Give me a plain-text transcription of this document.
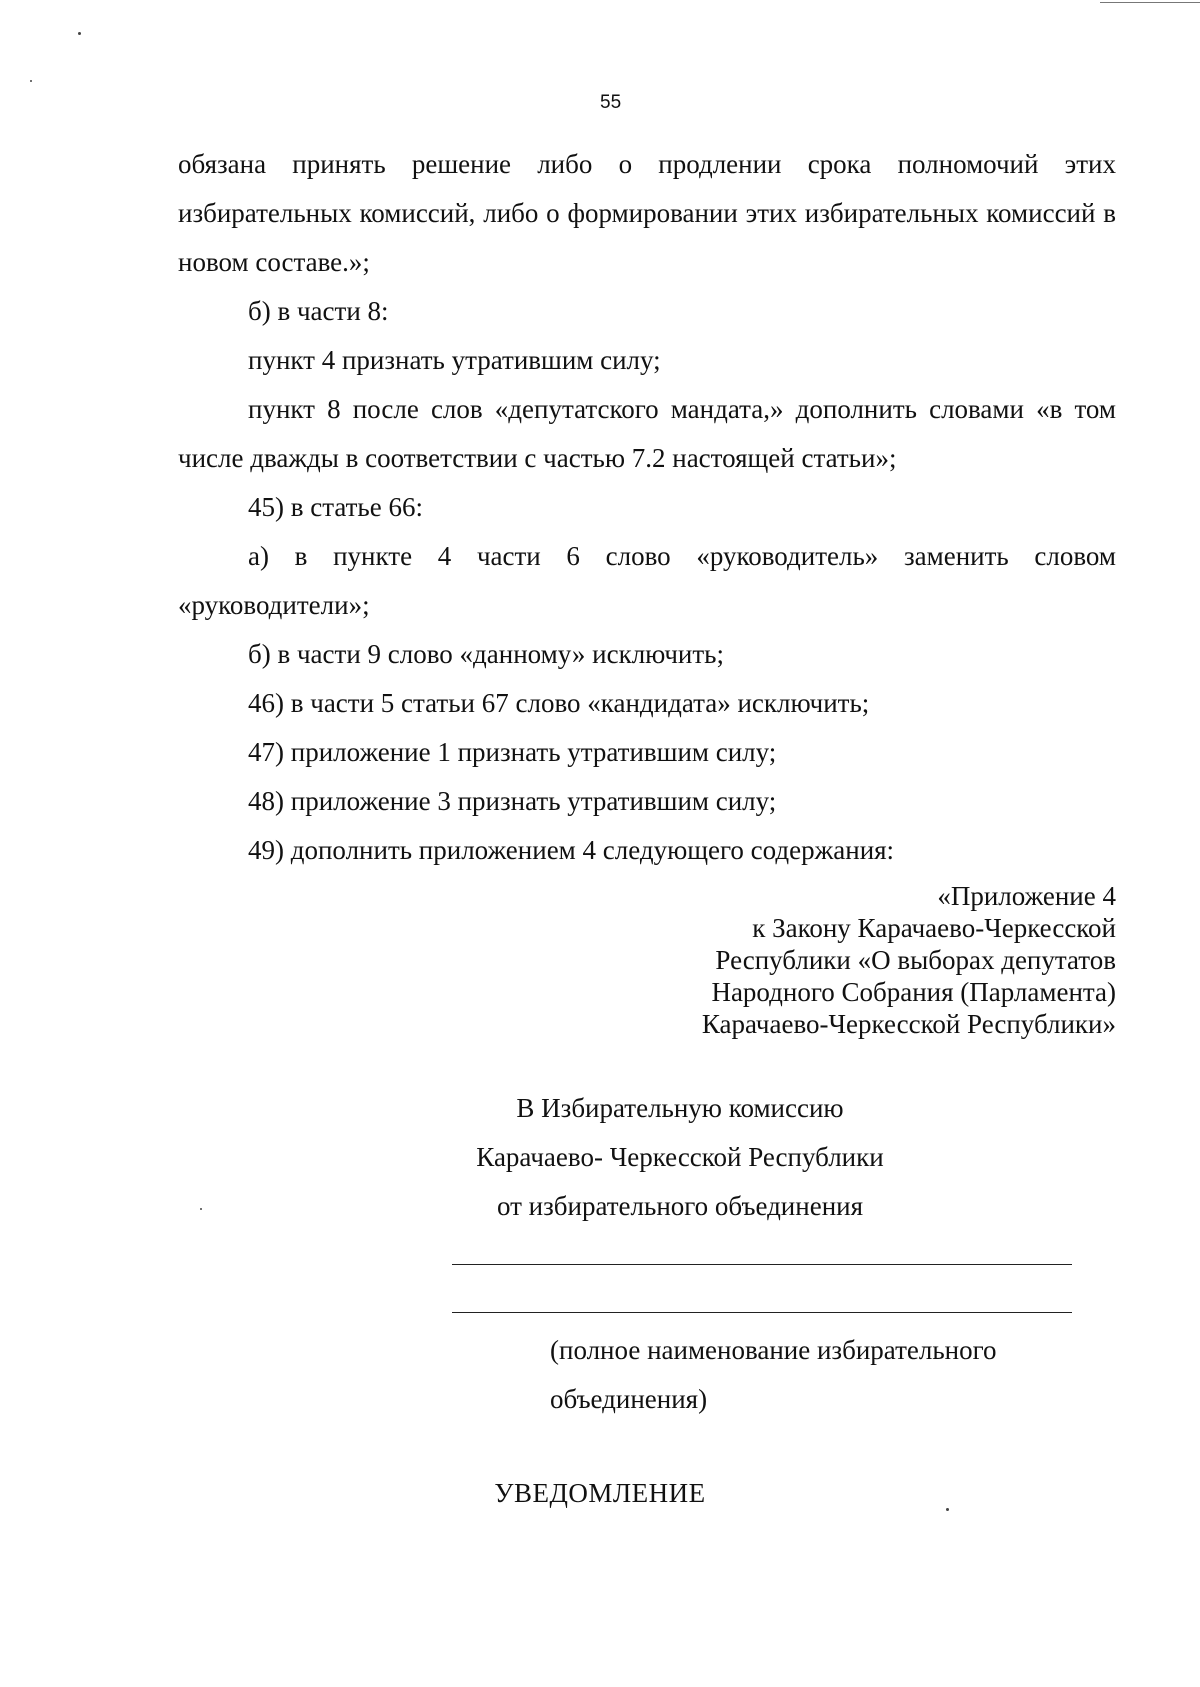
55

обязана принять решение либо о продлении срока полномочий этих избирательных комиссий, либо о формировании этих избирательных комиссий в новом составе.»;

б) в части 8:

пункт 4 признать утратившим силу;

пункт 8 после слов «депутатского мандата,» дополнить словами «в том числе дважды в соответствии с частью 7.2 настоящей статьи»;

45) в статье 66:

а) в пункте 4 части 6 слово «руководитель» заменить словом «руководители»;

б) в части 9 слово «данному» исключить;

46) в части 5 статьи 67 слово «кандидата» исключить;

47) приложение 1 признать утратившим силу;

48) приложение 3 признать утратившим силу;

49) дополнить приложением 4 следующего содержания:

«Приложение 4
к Закону Карачаево-Черкесской
Республики «О выборах депутатов
Народного Собрания (Парламента)
Карачаево-Черкесской Республики»
В Избирательную комиссию
Карачаево- Черкесской Республики
от избирательного объединения
(полное наименование избирательного
объединения)
УВЕДОМЛЕНИЕ
